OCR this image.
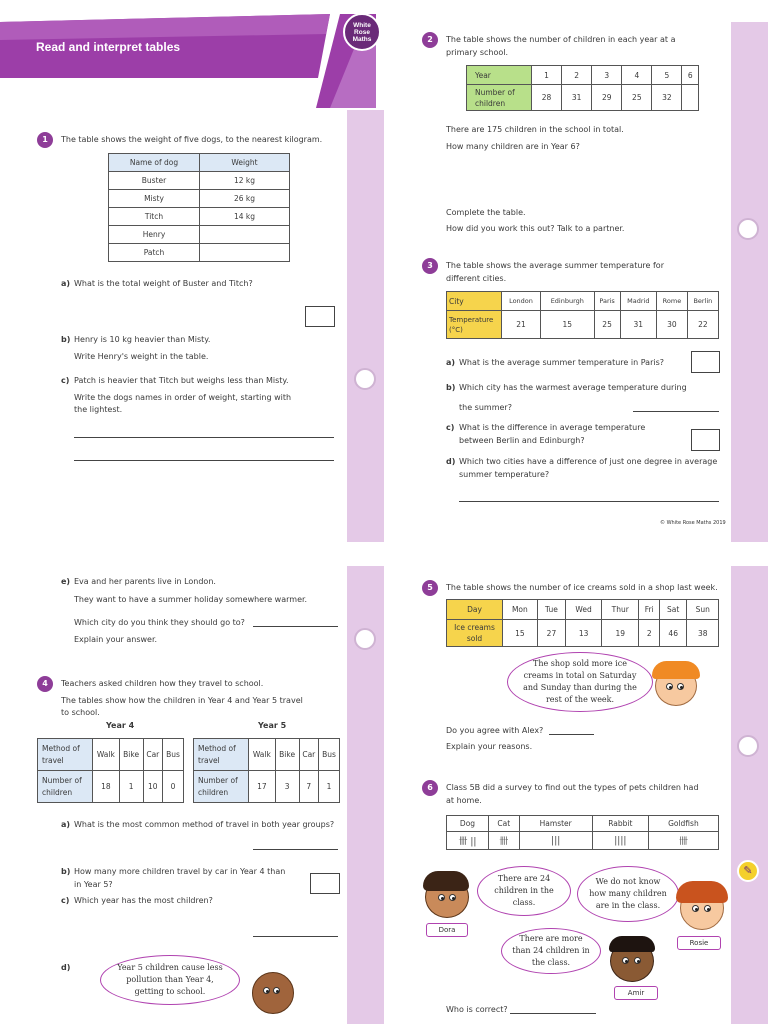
Read and interpret tables
White
Rose
Maths
✎
1	The table shows the weight of five dogs, to the nearest kilogram.
Name of dog	Weight
Buster	12 kg
Misty	26 kg
Titch	14 kg
Henry	
Patch	
a) What is the total weight of Buster and Titch?
b) Henry is 10 kg heavier than Misty.
Write Henry's weight in the table.
c) Patch is heavier that Titch but weighs less than Misty.
Write the dogs names in order of weight, starting with
the lightest.
2	The table shows the number of children in each year at a
primary school.
Year	1	2	3	4	5	6
Number of children	28	31	29	25	32	
There are 175 children in the school in total.
How many children are in Year 6?
Complete the table.
How did you work this out? Talk to a partner.
3	The table shows the average summer temperature for
different cities.
City	London	Edinburgh	Paris	Madrid	Rome	Berlin
Temperature (°C)	21	15	25	31	30	22
a) What is the average summer temperature in Paris?
b) Which city has the warmest average temperature during
the summer?
c) What is the difference in average temperature
between Berlin and Edinburgh?
d) Which two cities have a difference of just one degree in average
summer temperature?
© White Rose Maths 2019
e) Eva and her parents live in London.
They want to have a summer holiday somewhere warmer.
Which city do you think they should go to?
Explain your answer.
4	Teachers asked children how they travel to school.
The tables show how the children in Year 4 and Year 5 travel
to school.
Year 4	Year 5
Method of travel	Walk	Bike	Car	Bus
Number of children	18	1	10	0
Method of travel	Walk	Bike	Car	Bus
Number of children	17	3	7	1
a) What is the most common method of travel in both year groups?
b) How many more children travel by car in Year 4 than
in Year 5?
c) Which year has the most children?
d)	Year 5 children cause less pollution than Year 4, getting to school.
5	The table shows the number of ice creams sold in a shop last week.
Day	Mon	Tue	Wed	Thur	Fri	Sat	Sun
Ice creams sold	15	27	13	19	2	46	38
The shop sold more ice creams in total on Saturday and Sunday than during the rest of the week.
Do you agree with Alex?
Explain your reasons.
6	Class 5B did a survey to find out the types of pets children had
at home.
Dog	Cat	Hamster	Rabbit	Goldfish
卌 ||	卌	|||	||||	卌
Dora
There are 24 children in the class.
We do not know how many children are in the class.
Rosie
There are more than 24 children in the class.
Amir
Who is correct?
